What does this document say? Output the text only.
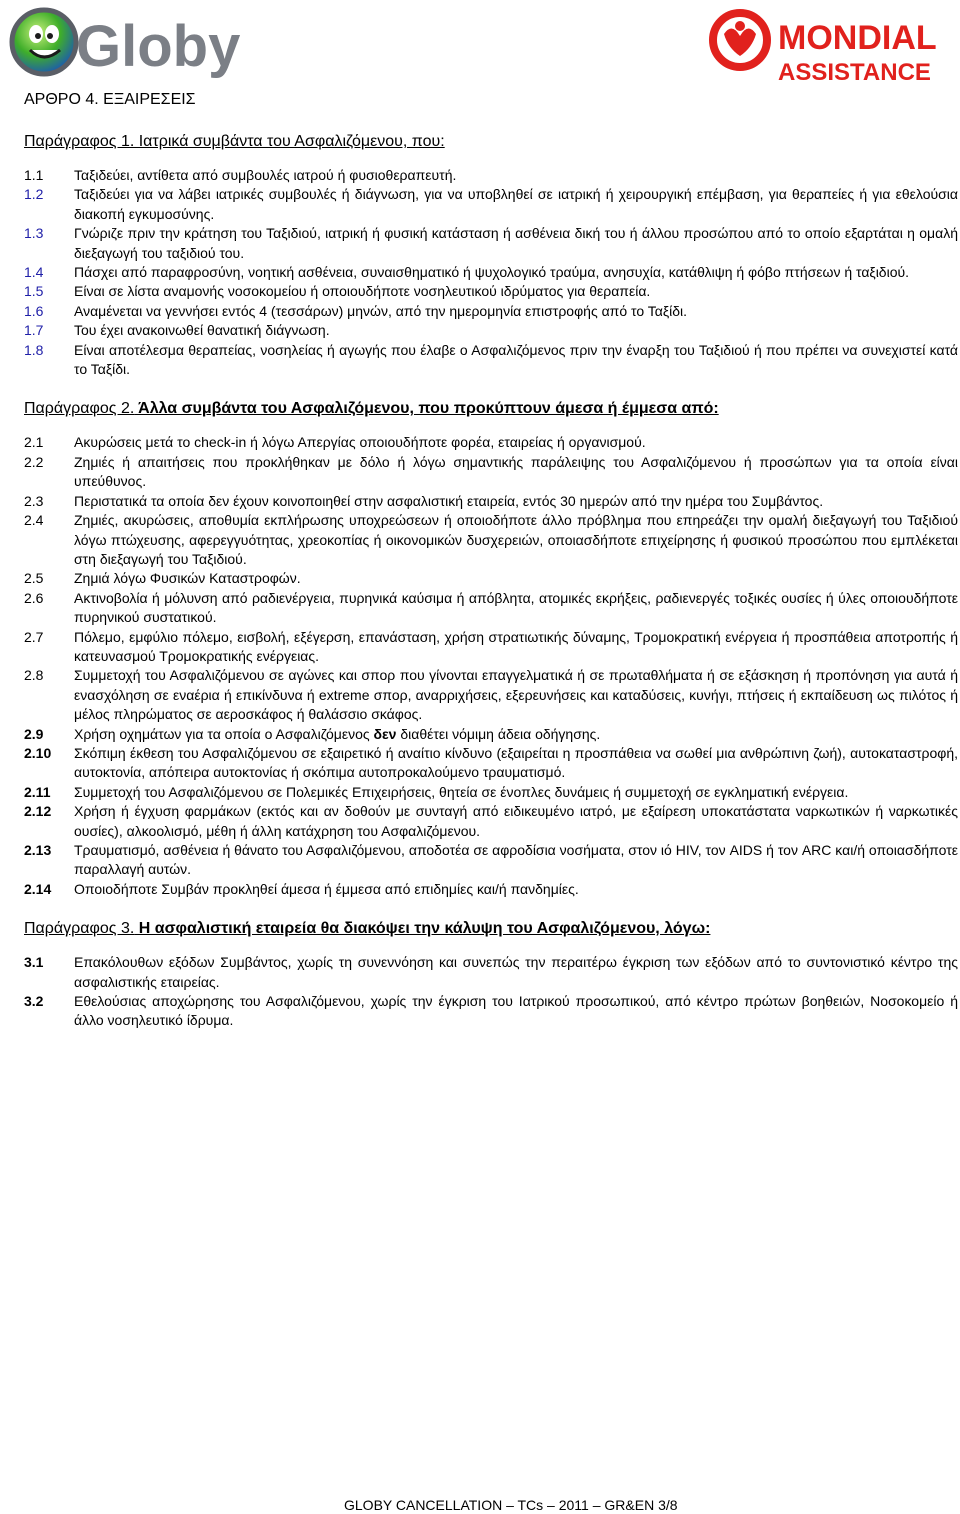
Globy	MONDIAL
ASSISTANCE
ΑΡΘΡΟ 4. ΕΞΑΙΡΕΣΕΙΣ
Παράγραφος 1. Ιατρικά συμβάντα του Ασφαλιζόμενου, που:
1.1	Ταξιδεύει, αντίθετα από συμβουλές ιατρού ή φυσιοθεραπευτή.
1.2	Ταξιδεύει για να λάβει ιατρικές συμβουλές ή διάγνωση, για να υποβληθεί σε ιατρική ή χειρουργική επέμβαση, για θεραπείες ή για εθελούσια διακοπή εγκυμοσύνης.
1.3	Γνώριζε πριν την κράτηση του Ταξιδιού, ιατρική ή φυσική κατάσταση ή ασθένεια δική του ή άλλου προσώπου από το οποίο εξαρτάται η ομαλή διεξαγωγή του ταξιδιού του.
1.4	Πάσχει από παραφροσύνη, νοητική ασθένεια, συναισθηματικό ή ψυχολογικό τραύμα, ανησυχία, κατάθλιψη ή φόβο πτήσεων ή ταξιδιού.
1.5	Είναι σε λίστα αναμονής νοσοκομείου ή οποιουδήποτε νοσηλευτικού ιδρύματος για θεραπεία.
1.6	Αναμένεται να γεννήσει εντός 4 (τεσσάρων) μηνών, από την ημερομηνία επιστροφής από το Ταξίδι.
1.7	Του έχει ανακοινωθεί θανατική διάγνωση.
1.8	Είναι αποτέλεσμα θεραπείας, νοσηλείας ή αγωγής που έλαβε ο Ασφαλιζόμενος πριν την έναρξη του Ταξιδιού ή που πρέπει να συνεχιστεί κατά το Ταξίδι.
Παράγραφος 2. Άλλα συμβάντα του Ασφαλιζόμενου, που προκύπτουν άμεσα ή έμμεσα από:
2.1	Ακυρώσεις μετά το check-in ή λόγω Απεργίας οποιουδήποτε φορέα, εταιρείας ή οργανισμού.
2.2	Ζημιές ή απαιτήσεις που προκλήθηκαν με δόλο ή λόγω σημαντικής παράλειψης του Ασφαλιζόμενου ή προσώπων για τα οποία είναι υπεύθυνος.
2.3	Περιστατικά τα οποία δεν έχουν κοινοποιηθεί στην ασφαλιστική εταιρεία, εντός 30 ημερών από την ημέρα του Συμβάντος.
2.4	Ζημιές, ακυρώσεις, αποθυμία εκπλήρωσης υποχρεώσεων ή οποιοδήποτε άλλο πρόβλημα που επηρεάζει την ομαλή διεξαγωγή του Ταξιδιού λόγω πτώχευσης, αφερεγγυότητας, χρεοκοπίας ή οικονομικών δυσχερειών, οποιασδήποτε επιχείρησης ή φυσικού προσώπου που εμπλέκεται στη διεξαγωγή του Ταξιδιού.
2.5	Ζημιά λόγω Φυσικών Καταστροφών.
2.6	Ακτινοβολία ή μόλυνση από ραδιενέργεια, πυρηνικά καύσιμα ή απόβλητα, ατομικές εκρήξεις, ραδιενεργές τοξικές ουσίες ή ύλες οποιουδήποτε πυρηνικού συστατικού.
2.7	Πόλεμο, εμφύλιο πόλεμο, εισβολή, εξέγερση, επανάσταση, χρήση στρατιωτικής δύναμης, Τρομοκρατική ενέργεια ή προσπάθεια αποτροπής ή κατευνασμού Τρομοκρατικής ενέργειας.
2.8	Συμμετοχή του Ασφαλιζόμενου σε αγώνες και σπορ που γίνονται επαγγελματικά ή σε πρωταθλήματα ή σε εξάσκηση ή προπόνηση για αυτά ή ενασχόληση σε εναέρια ή επικίνδυνα ή extreme σπορ, αναρριχήσεις, εξερευνήσεις και καταδύσεις, κυνήγι, πτήσεις ή εκπαίδευση ως πιλότος ή μέλος πληρώματος σε αεροσκάφος ή θαλάσσιο σκάφος.
2.9	Χρήση οχημάτων για τα οποία ο Ασφαλιζόμενος δεν διαθέτει νόμιμη άδεια οδήγησης.
2.10	Σκόπιμη έκθεση του Ασφαλιζόμενου σε εξαιρετικό ή αναίτιο κίνδυνο (εξαιρείται η προσπάθεια να σωθεί μια ανθρώπινη ζωή), αυτοκαταστροφή, αυτοκτονία, απόπειρα αυτοκτονίας ή σκόπιμα αυτοπροκαλούμενο τραυματισμό.
2.11	Συμμετοχή του Ασφαλιζόμενου σε Πολεμικές Επιχειρήσεις, θητεία σε ένοπλες δυνάμεις ή συμμετοχή σε εγκληματική ενέργεια.
2.12	Χρήση ή έγχυση φαρμάκων (εκτός και αν δοθούν με συνταγή από ειδικευμένο ιατρό, με εξαίρεση υποκατάστατα ναρκωτικών ή ναρκωτικές ουσίες), αλκοολισμό, μέθη ή άλλη κατάχρηση του Ασφαλιζόμενου.
2.13	Τραυματισμό, ασθένεια ή θάνατο του Ασφαλιζόμενου, αποδοτέα σε αφροδίσια νοσήματα, στον ιό HIV, τον AIDS ή τον ARC και/ή οποιασδήποτε παραλλαγή αυτών.
2.14	Οποιοδήποτε Συμβάν προκληθεί άμεσα ή έμμεσα από επιδημίες και/ή πανδημίες.
Παράγραφος 3. Η ασφαλιστική εταιρεία θα διακόψει την κάλυψη του Ασφαλιζόμενου, λόγω:
3.1	Επακόλουθων εξόδων Συμβάντος, χωρίς τη συνεννόηση και συνεπώς την περαιτέρω έγκριση των εξόδων από το συντονιστικό κέντρο της ασφαλιστικής εταιρείας.
3.2	Εθελούσιας αποχώρησης του Ασφαλιζόμενου, χωρίς την έγκριση του Ιατρικού προσωπικού, από κέντρο πρώτων βοηθειών, Νοσοκομείο ή άλλο νοσηλευτικό ίδρυμα.
GLOBY CANCELLATION – TCs – 2011 – GR&EN 3/8
